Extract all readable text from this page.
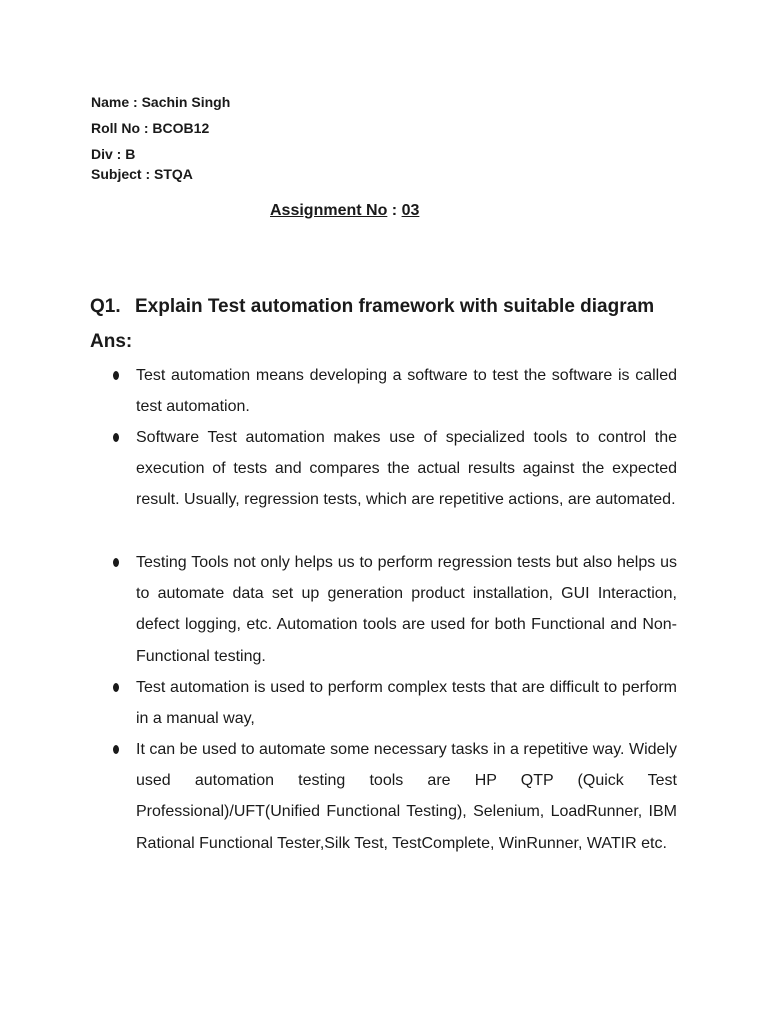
Name : Sachin Singh
Roll No : BCOB12
Div : B
Subject : STQA
Assignment No : 03
Q1. Explain Test automation framework with suitable diagram
Ans:
Test automation means developing a software to test the software is called test automation.
Software Test automation makes use of specialized tools to control the execution of tests and compares the actual results against the expected result. Usually, regression tests, which are repetitive actions, are automated.
Testing Tools not only helps us to perform regression tests but also helps us to automate data set up generation product installation, GUI Interaction, defect logging, etc. Automation tools are used for both Functional and Non-Functional testing.
Test automation is used to perform complex tests that are difficult to perform in a manual way,
It can be used to automate some necessary tasks in a repetitive way. Widely used automation testing tools are HP QTP (Quick Test Professional)/UFT(Unified Functional Testing), Selenium, LoadRunner, IBM Rational Functional Tester,Silk Test, TestComplete, WinRunner, WATIR etc.
